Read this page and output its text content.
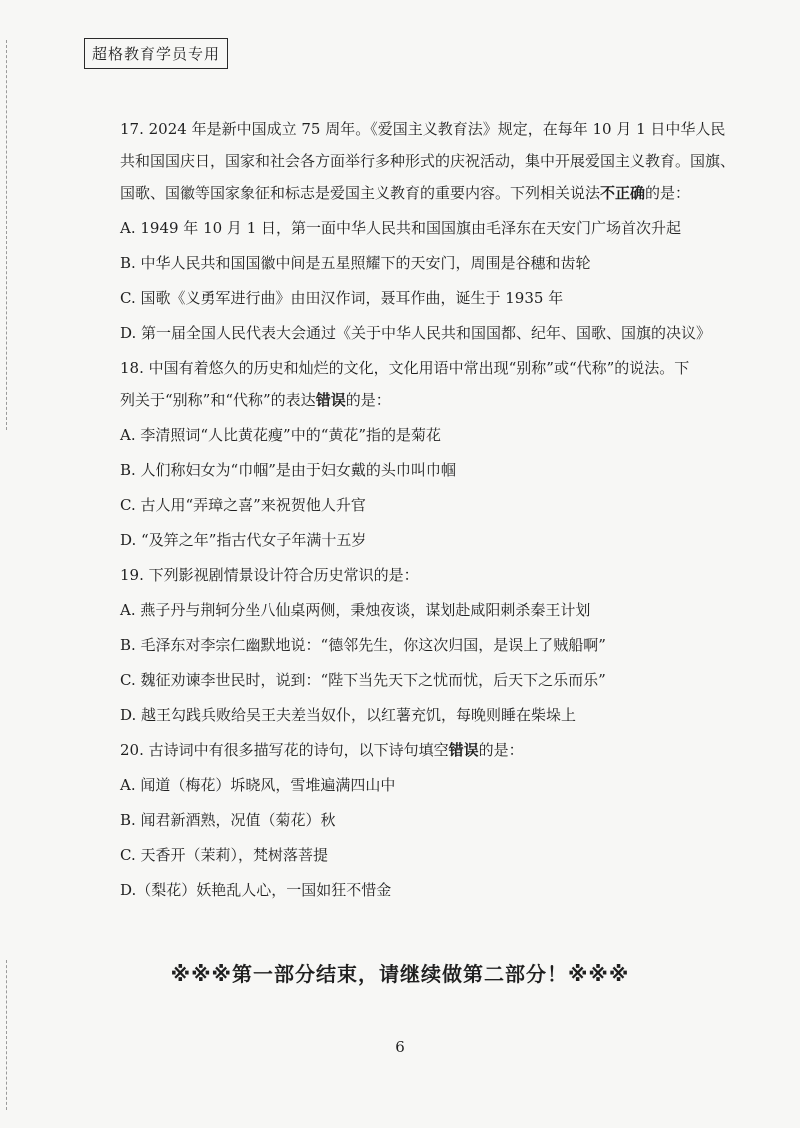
超格教育学员专用

17. 2024 年是新中国成立 75 周年。《爱国主义教育法》规定，在每年 10 月 1 日中华人民

共和国国庆日，国家和社会各方面举行多种形式的庆祝活动，集中开展爱国主义教育。国旗、

国歌、国徽等国家象征和标志是爱国主义教育的重要内容。下列相关说法不正确的是：

A. 1949 年 10 月 1 日，第一面中华人民共和国国旗由毛泽东在天安门广场首次升起

B. 中华人民共和国国徽中间是五星照耀下的天安门，周围是谷穗和齿轮

C. 国歌《义勇军进行曲》由田汉作词，聂耳作曲，诞生于 1935 年

D. 第一届全国人民代表大会通过《关于中华人民共和国国都、纪年、国歌、国旗的决议》

18. 中国有着悠久的历史和灿烂的文化，文化用语中常出现“别称”或“代称”的说法。下

列关于“别称”和“代称”的表达错误的是：

A. 李清照词“人比黄花瘦”中的“黄花”指的是菊花

B. 人们称妇女为“巾帼”是由于妇女戴的头巾叫巾帼

C. 古人用“弄璋之喜”来祝贺他人升官

D. “及笄之年”指古代女子年满十五岁

19. 下列影视剧情景设计符合历史常识的是：

A. 燕子丹与荆轲分坐八仙桌两侧，秉烛夜谈，谋划赴咸阳刺杀秦王计划

B. 毛泽东对李宗仁幽默地说：“德邻先生，你这次归国，是误上了贼船啊”

C. 魏征劝谏李世民时，说到：“陛下当先天下之忧而忧，后天下之乐而乐”

D. 越王勾践兵败给吴王夫差当奴仆，以红薯充饥，每晚则睡在柴垛上

20. 古诗词中有很多描写花的诗句，以下诗句填空错误的是：

A. 闻道（梅花）坼晓风，雪堆遍满四山中

B. 闻君新酒熟，况值（菊花）秋

C. 天香开（茉莉），梵树落菩提

D.（梨花）妖艳乱人心，一国如狂不惜金

※※※第一部分结束，请继续做第二部分！※※※
6
